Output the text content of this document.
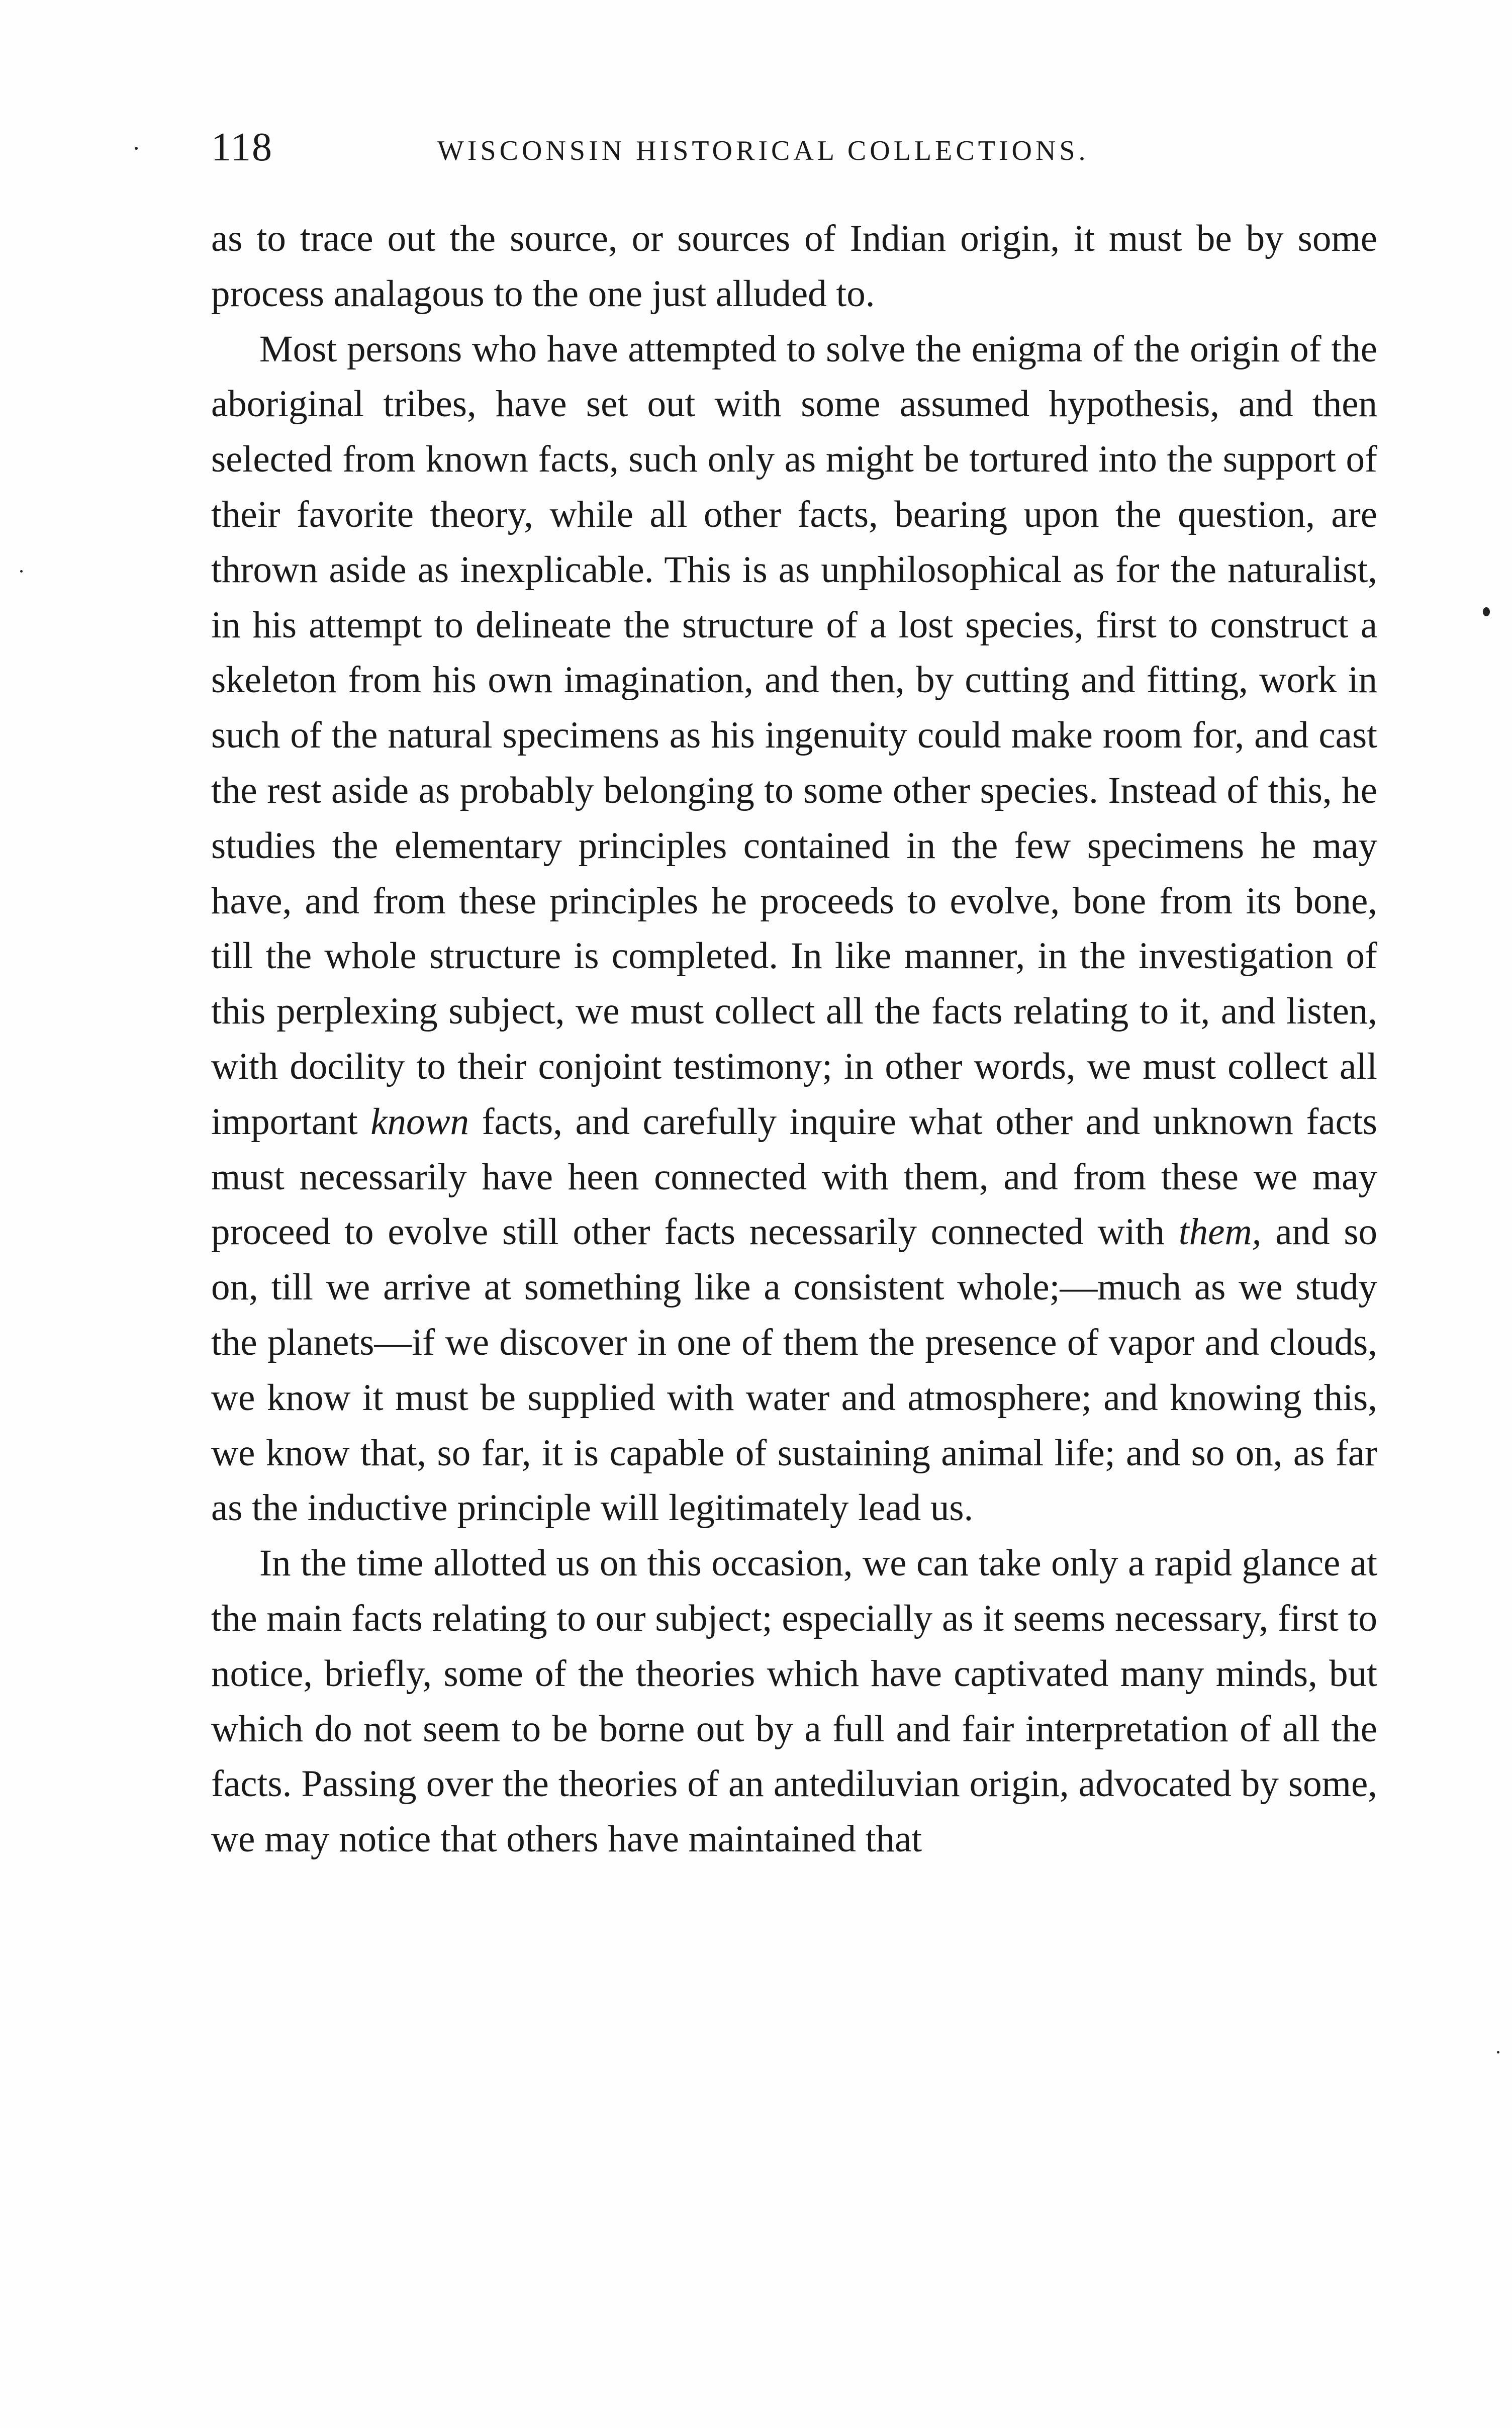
118	WISCONSIN HISTORICAL COLLECTIONS.

as to trace out the source, or sources of Indian origin, it must be by some process analagous to the one just alluded to.

Most persons who have attempted to solve the enigma of the origin of the aboriginal tribes, have set out with some assumed hypothesis, and then selected from known facts, such only as might be tortured into the support of their favorite theory, while all other facts, bearing upon the question, are thrown aside as inexplicable. This is as unphilosophical as for the naturalist, in his attempt to delineate the structure of a lost species, first to construct a skeleton from his own imagination, and then, by cutting and fitting, work in such of the natural specimens as his ingenuity could make room for, and cast the rest aside as probably belonging to some other species. Instead of this, he studies the elementary principles contained in the few specimens he may have, and from these principles he proceeds to evolve, bone from its bone, till the whole structure is completed. In like manner, in the investigation of this perplexing subject, we must collect all the facts relating to it, and listen, with docility to their conjoint testimony; in other words, we must collect all important known facts, and carefully inquire what other and unknown facts must necessarily have heen connected with them, and from these we may proceed to evolve still other facts necessarily connected with them, and so on, till we arrive at something like a consistent whole;—much as we study the planets—if we discover in one of them the presence of vapor and clouds, we know it must be supplied with water and atmosphere; and knowing this, we know that, so far, it is capable of sustaining animal life; and so on, as far as the inductive principle will legitimately lead us.

In the time allotted us on this occasion, we can take only a rapid glance at the main facts relating to our subject; especially as it seems necessary, first to notice, briefly, some of the theories which have captivated many minds, but which do not seem to be borne out by a full and fair interpretation of all the facts. Passing over the theories of an antediluvian origin, advocated by some, we may notice that others have maintained that
